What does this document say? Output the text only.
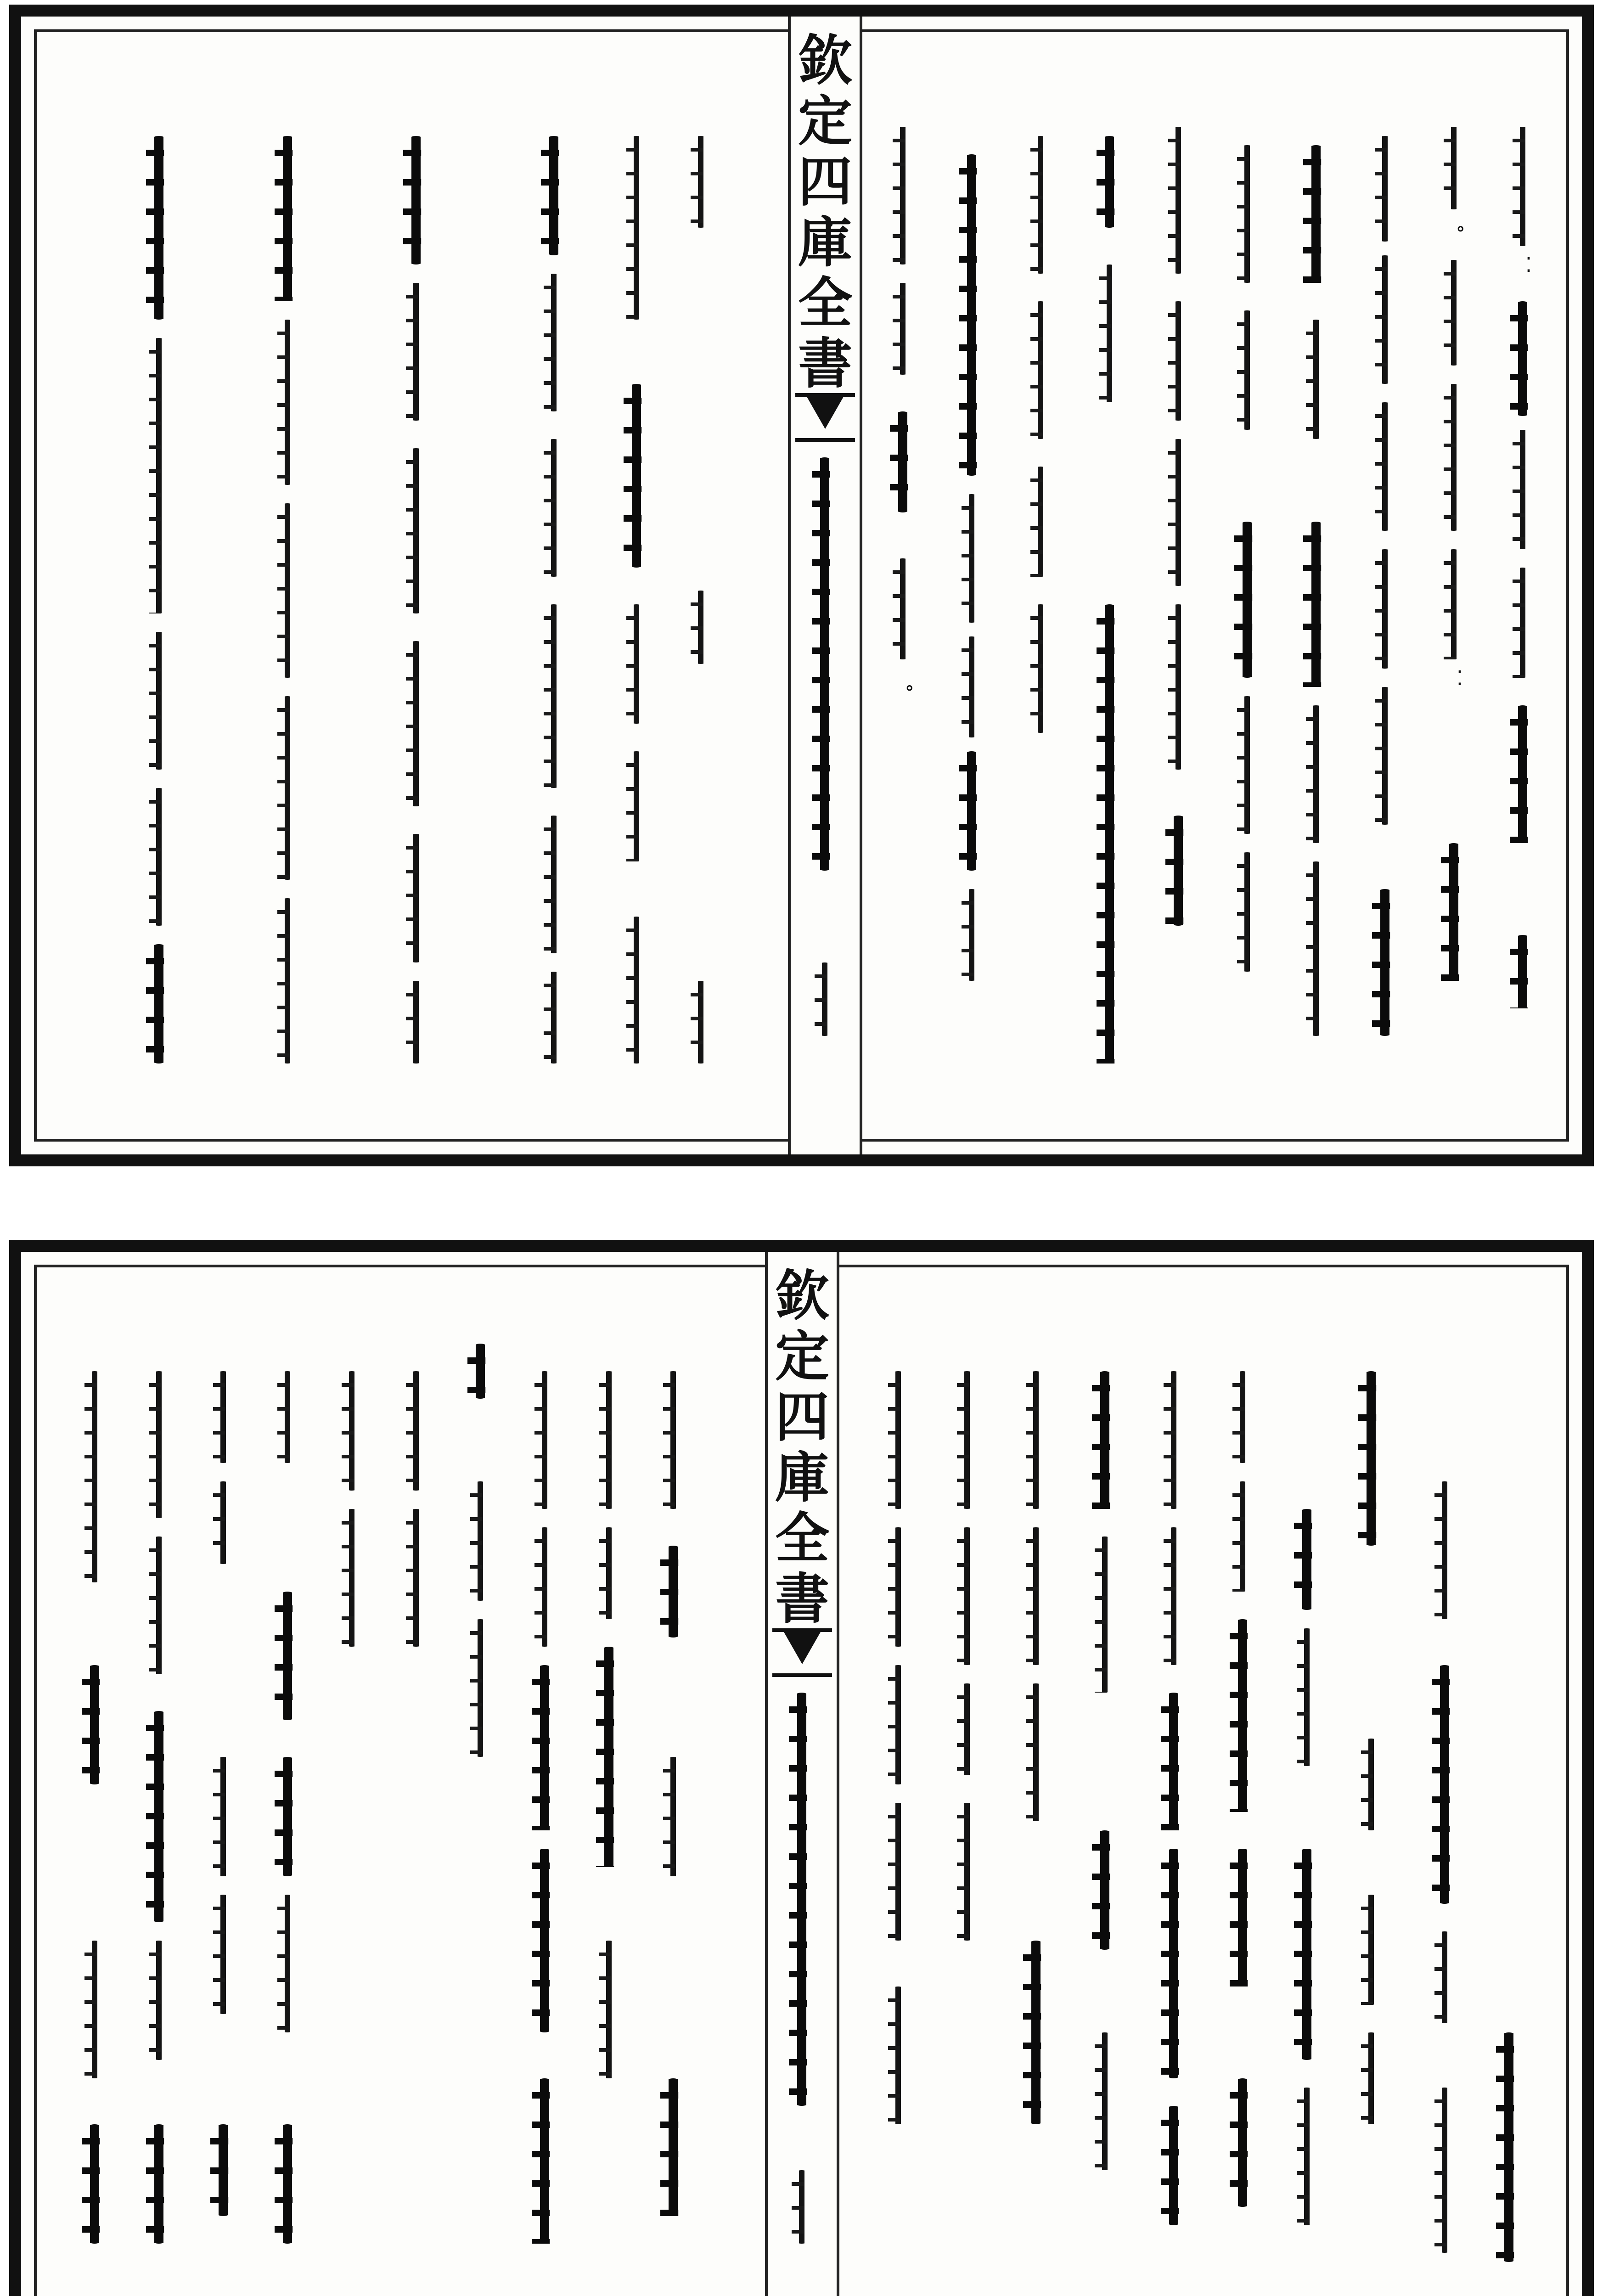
⁚
∘
⁚
∘
欽
定
四
庫
全
書
欽
定
四
庫
全
書
